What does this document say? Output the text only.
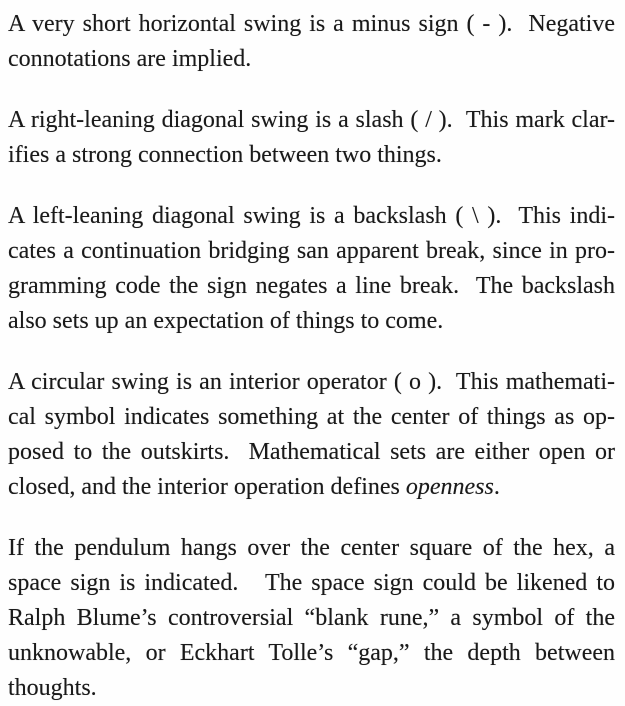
A very short horizontal swing is a minus sign ( - ).  Negative
connotations are implied.
A right-leaning diagonal swing is a slash ( / ).  This mark clar-
ifies a strong connection between two things.
A left-leaning diagonal swing is a backslash ( \ ).  This indi-
cates a continuation bridging san apparent break, since in pro-
gramming code the sign negates a line break.  The backslash
also sets up an expectation of things to come.
A circular swing is an interior operator ( o ).  This mathemati-
cal symbol indicates something at the center of things as op-
posed to the outskirts.  Mathematical sets are either open or
closed, and the interior operation defines openness.
If the pendulum hangs over the center square of the hex, a
space sign is indicated.   The space sign could be likened to
Ralph Blume’s controversial “blank rune,” a symbol of the
unknowable, or Eckhart Tolle’s “gap,” the depth between
thoughts.
